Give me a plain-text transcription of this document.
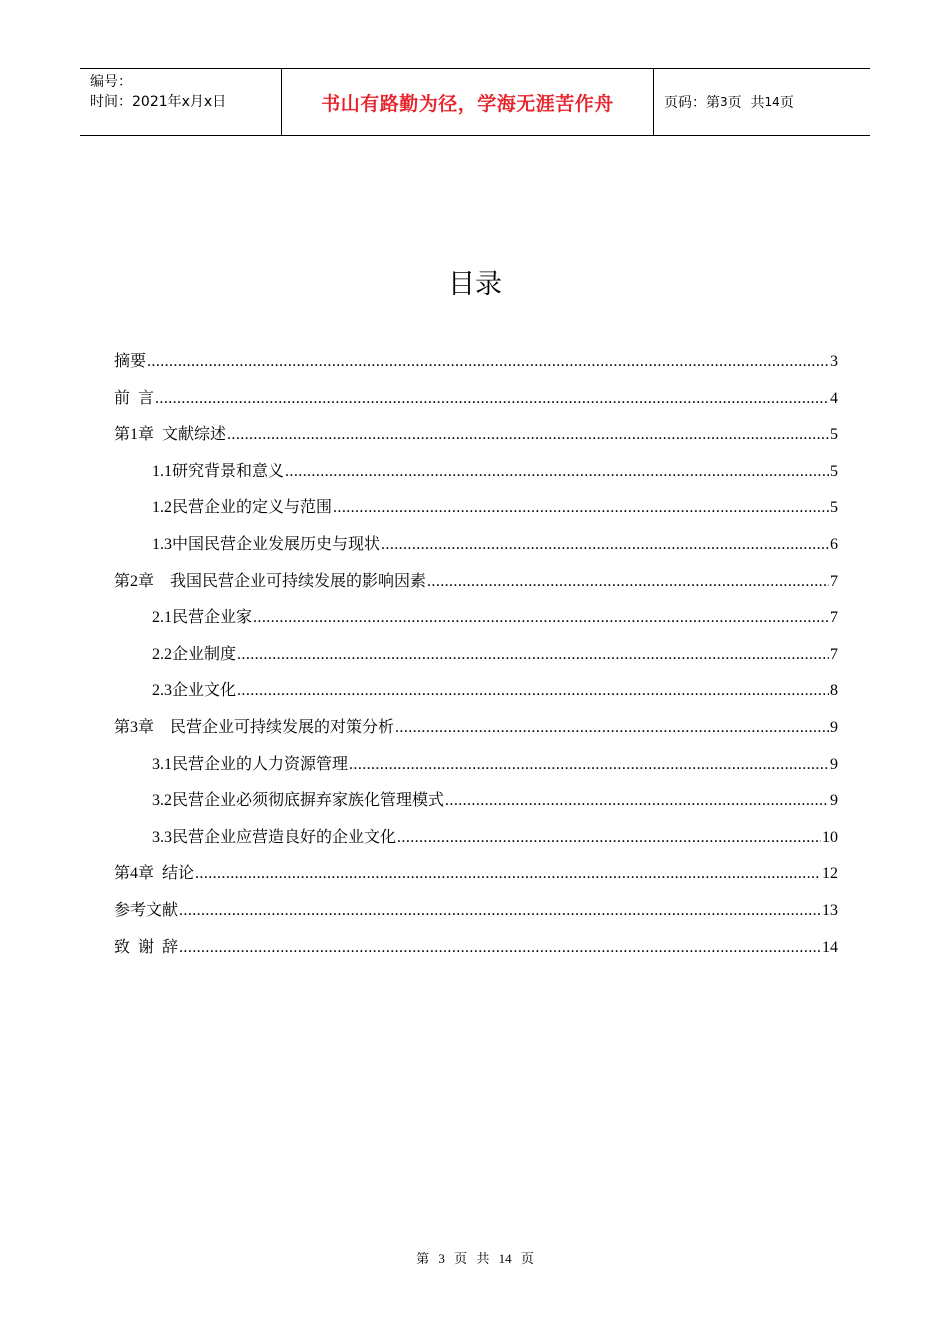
编号：
时间：2021年x月x日	书山有路勤为径，学海无涯苦作舟	页码：第 3 页  共 14 页
目录
摘要 .....	3
前  言 .....	4
第1章  文献综述 .....	5
1.1研究背景和意义 .....	5
1.2民营企业的定义与范围 .....	5
1.3中国民营企业发展历史与现状 .....	6
第2章    我国民营企业可持续发展的影响因素 .....	7
2.1民营企业家 .....	7
2.2企业制度 .....	7
2.3企业文化 .....	8
第3章    民营企业可持续发展的对策分析 .....	9
3.1民营企业的人力资源管理 .....	9
3.2民营企业必须彻底摒弃家族化管理模式 .....	9
3.3民营企业应营造良好的企业文化 .....	10
第4章  结论 .....	12
参考文献 .....	13
致  谢  辞 .....	14
第 3 页 共 14 页
